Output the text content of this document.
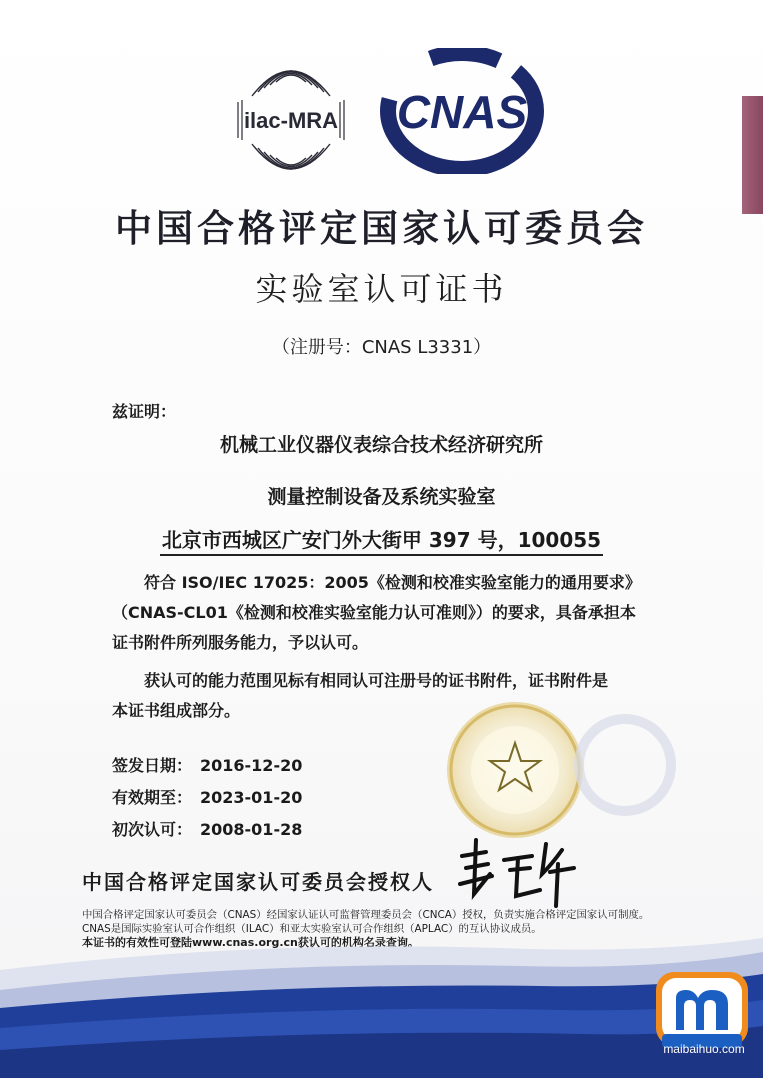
ilac-MRA CNAS
中国合格评定国家认可委员会
实验室认可证书
（注册号：CNAS L3331）
兹证明：
机械工业仪器仪表综合技术经济研究所
测量控制设备及系统实验室
北京市西城区广安门外大街甲 397 号，100055

符合 ISO/IEC 17025：2005《检测和校准实验室能力的通用要求》

（CNAS-CL01《检测和校准实验室能力认可准则》）的要求，具备承担本

证书附件所列服务能力，予以认可。

获认可的能力范围见标有相同认可注册号的证书附件，证书附件是

本证书组成部分。

签发日期： 2016-12-20
有效期至： 2023-01-20
初次认可： 2008-01-28
中国合格评定国家认可委员会授权人

中国合格评定国家认可委员会（CNAS）经国家认证认可监督管理委员会（CNCA）授权，负责实施合格评定国家认可制度。

CNAS是国际实验室认可合作组织（ILAC）和亚太实验室认可合作组织（APLAC）的互认协议成员。

本证书的有效性可登陆www.cnas.org.cn获认可的机构名录查询。

maibaihuo.com
